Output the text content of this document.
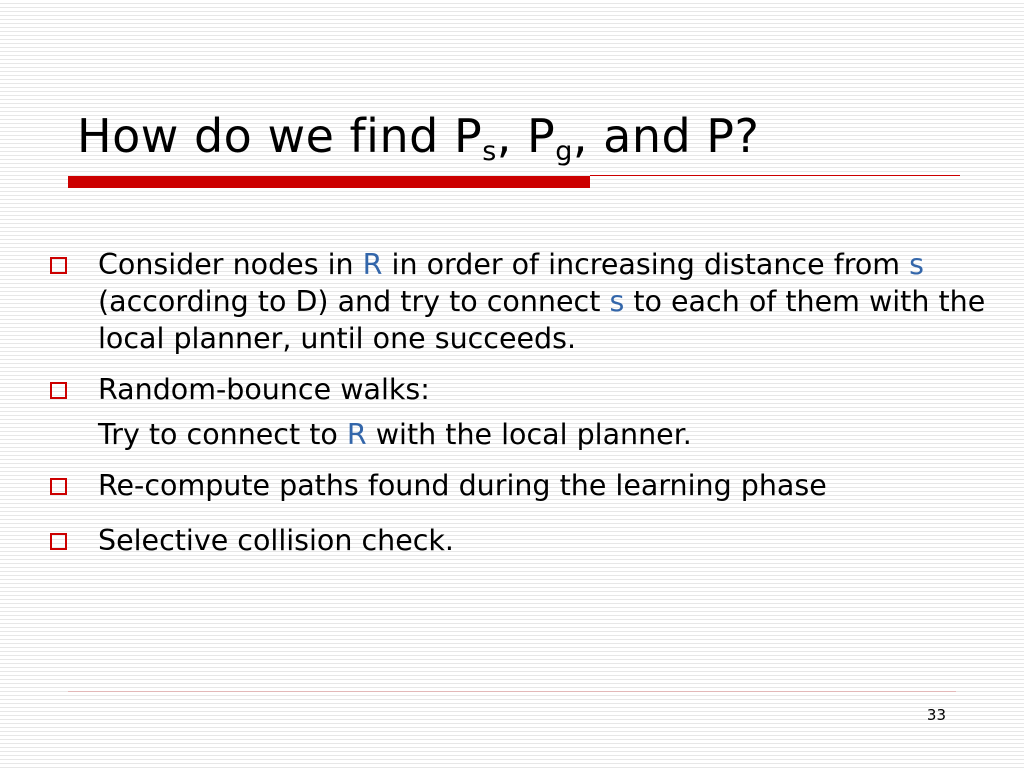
How do we find $P_s$, $P_g$, and P?
Consider nodes in R in order of increasing distance from s (according to D) and try to connect s to each of them with the local planner, until one succeeds.
Random-bounce walks:
Try to connect to R with the local planner.
Re-compute paths found during the learning phase
Selective collision check.
33
